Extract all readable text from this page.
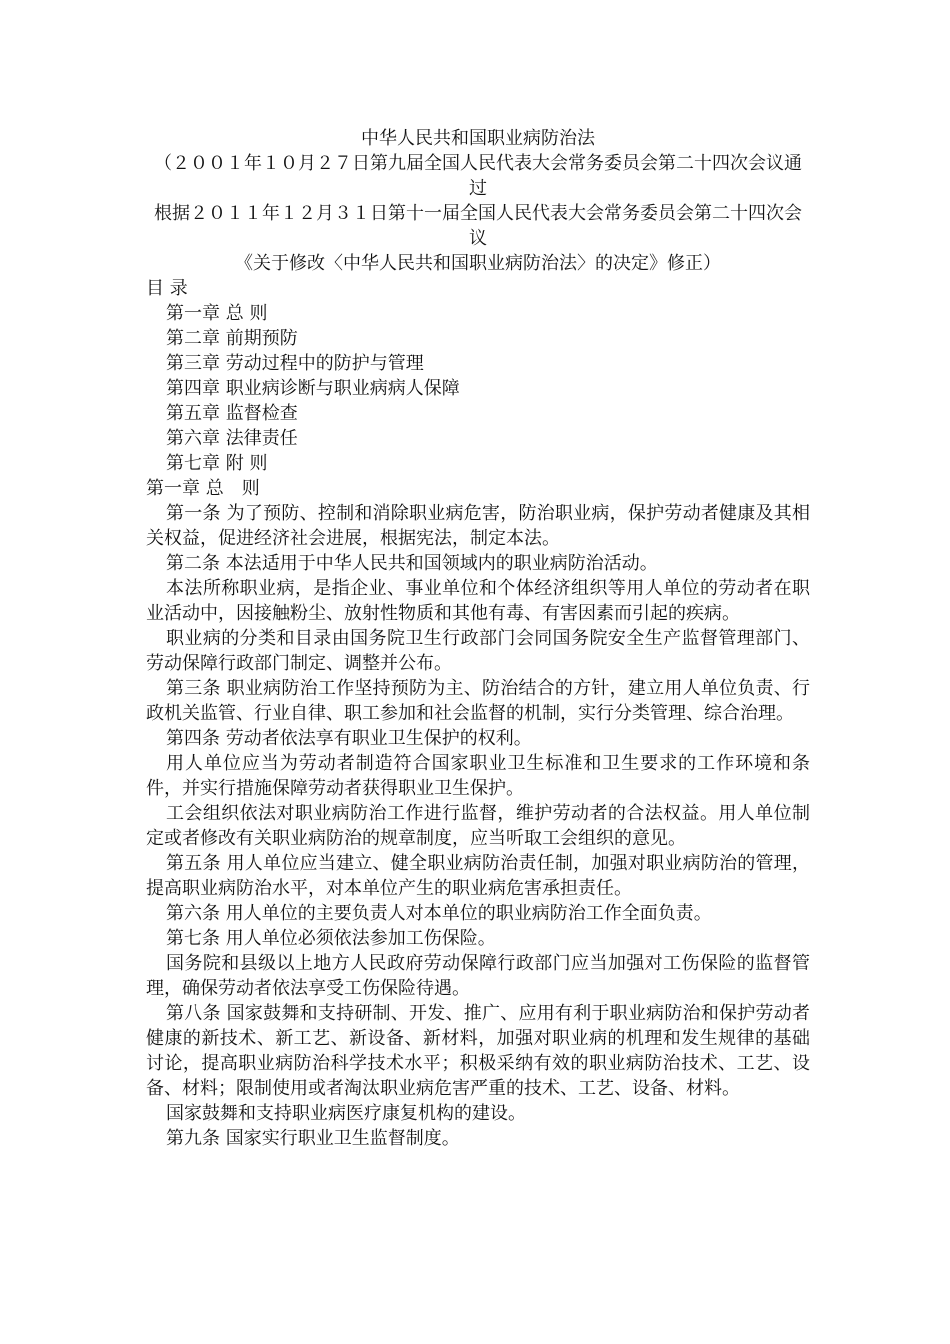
中华人民共和国职业病防治法

（２００１年１０月２７日第九届全国人民代表大会常务委员会第二十四次会议通过

根据２０１１年１２月３１日第十一届全国人民代表大会常务委员会第二十四次会议

《关于修改〈中华人民共和国职业病防治法〉的决定》修正）

目 录

第一章 总 则

第二章 前期预防

第三章 劳动过程中的防护与管理

第四章 职业病诊断与职业病病人保障

第五章 监督检查

第六章 法律责任

第七章 附 则

第一章 总　则

第一条 为了预防、控制和消除职业病危害，防治职业病，保护劳动者健康及其相关权益，促进经济社会进展，根据宪法，制定本法。

第二条 本法适用于中华人民共和国领域内的职业病防治活动。

本法所称职业病，是指企业、事业单位和个体经济组织等用人单位的劳动者在职业活动中，因接触粉尘、放射性物质和其他有毒、有害因素而引起的疾病。

职业病的分类和目录由国务院卫生行政部门会同国务院安全生产监督管理部门、劳动保障行政部门制定、调整并公布。

第三条 职业病防治工作坚持预防为主、防治结合的方针，建立用人单位负责、行政机关监管、行业自律、职工参加和社会监督的机制，实行分类管理、综合治理。

第四条 劳动者依法享有职业卫生保护的权利。

用人单位应当为劳动者制造符合国家职业卫生标准和卫生要求的工作环境和条件，并实行措施保障劳动者获得职业卫生保护。

工会组织依法对职业病防治工作进行监督，维护劳动者的合法权益。用人单位制定或者修改有关职业病防治的规章制度，应当听取工会组织的意见。

第五条 用人单位应当建立、健全职业病防治责任制，加强对职业病防治的管理，提高职业病防治水平，对本单位产生的职业病危害承担责任。

第六条 用人单位的主要负责人对本单位的职业病防治工作全面负责。

第七条 用人单位必须依法参加工伤保险。

国务院和县级以上地方人民政府劳动保障行政部门应当加强对工伤保险的监督管理，确保劳动者依法享受工伤保险待遇。

第八条 国家鼓舞和支持研制、开发、推广、应用有利于职业病防治和保护劳动者健康的新技术、新工艺、新设备、新材料，加强对职业病的机理和发生规律的基础讨论，提高职业病防治科学技术水平；积极采纳有效的职业病防治技术、工艺、设备、材料；限制使用或者淘汰职业病危害严重的技术、工艺、设备、材料。

国家鼓舞和支持职业病医疗康复机构的建设。

第九条 国家实行职业卫生监督制度。
